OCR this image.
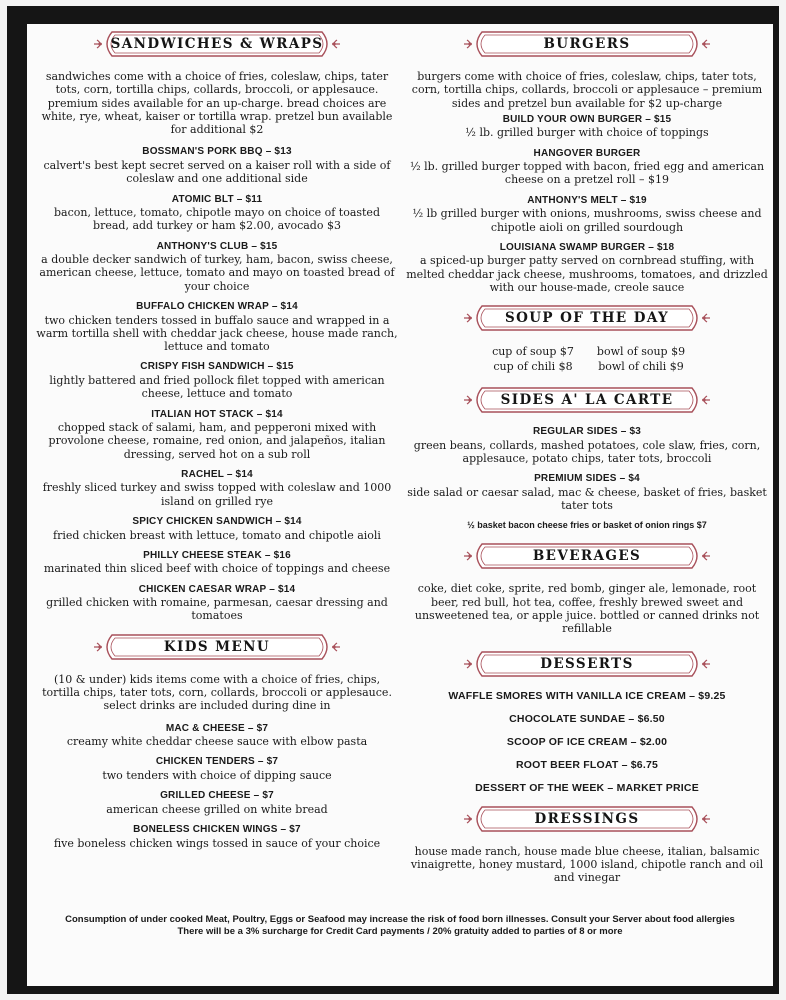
SANDWICHES & WRAPS
sandwiches come with a choice of fries, coleslaw, chips, tater tots, corn, tortilla chips, collards, broccoli, or applesauce. premium sides available for an up-charge. bread choices are white, rye, wheat, kaiser or tortilla wrap. pretzel bun available for additional $2
BOSSMAN'S PORK BBQ – $13
calvert's best kept secret served on a kaiser roll with a side of coleslaw and one additional side
ATOMIC BLT – $11
bacon, lettuce, tomato, chipotle mayo on choice of toasted bread, add turkey or ham $2.00, avocado $3
ANTHONY'S CLUB – $15
a double decker sandwich of turkey, ham, bacon, swiss cheese, american cheese, lettuce, tomato and mayo on toasted bread of your choice
BUFFALO CHICKEN WRAP – $14
two chicken tenders tossed in buffalo sauce and wrapped in a warm tortilla shell with cheddar jack cheese, house made ranch, lettuce and tomato
CRISPY FISH SANDWICH – $15
lightly battered and fried pollock filet topped with american cheese, lettuce and tomato
ITALIAN HOT STACK – $14
chopped stack of salami, ham, and pepperoni mixed with provolone cheese, romaine, red onion, and jalapeños, italian dressing, served hot on a sub roll
RACHEL – $14
freshly sliced turkey and swiss topped with coleslaw and 1000 island on grilled rye
SPICY CHICKEN SANDWICH – $14
fried chicken breast with lettuce, tomato and chipotle aioli
PHILLY CHEESE STEAK – $16
marinated thin sliced beef with choice of toppings and cheese
CHICKEN CAESAR WRAP – $14
grilled chicken with romaine, parmesan, caesar dressing and tomatoes
KIDS MENU
(10 & under) kids items come with a choice of fries, chips, tortilla chips, tater tots, corn, collards, broccoli or applesauce. select drinks are included during dine in
MAC & CHEESE – $7
creamy white cheddar cheese sauce with elbow pasta
CHICKEN TENDERS – $7
two tenders with choice of dipping sauce
GRILLED CHEESE – $7
american cheese grilled on white bread
BONELESS CHICKEN WINGS – $7
five boneless chicken wings tossed in sauce of your choice
BURGERS
burgers come with choice of fries, coleslaw, chips, tater tots, corn, tortilla chips, collards, broccoli or applesauce – premium sides and pretzel bun available for $2 up-charge
BUILD YOUR OWN BURGER – $15
½ lb. grilled burger with choice of toppings
HANGOVER BURGER
½ lb. grilled burger topped with bacon, fried egg and american cheese on a pretzel roll – $19
ANTHONY'S MELT – $19
½ lb grilled burger with onions, mushrooms, swiss cheese and chipotle aioli on grilled sourdough
LOUISIANA SWAMP BURGER – $18
a spiced-up burger patty served on cornbread stuffing, with melted cheddar jack cheese, mushrooms, tomatoes, and drizzled with our house-made, creole sauce
SOUP OF THE DAY
cup of soup $7 bowl of soup $9
cup of chili $8 bowl of chili $9
SIDES A' LA CARTE
REGULAR SIDES – $3
green beans, collards, mashed potatoes, cole slaw, fries, corn, applesauce, potato chips, tater tots, broccoli
PREMIUM SIDES – $4
side salad or caesar salad, mac & cheese, basket of fries, basket tater tots
½ basket bacon cheese fries or basket of onion rings $7
BEVERAGES
coke, diet coke, sprite, red bomb, ginger ale, lemonade, root beer, red bull, hot tea, coffee, freshly brewed sweet and unsweetened tea, or apple juice. bottled or canned drinks not refillable
DESSERTS
WAFFLE SMORES WITH VANILLA ICE CREAM – $9.25
CHOCOLATE SUNDAE – $6.50
SCOOP OF ICE CREAM – $2.00
ROOT BEER FLOAT – $6.75
DESSERT OF THE WEEK – MARKET PRICE
DRESSINGS
house made ranch, house made blue cheese, italian, balsamic vinaigrette, honey mustard, 1000 island, chipotle ranch and oil and vinegar
Consumption of under cooked Meat, Poultry, Eggs or Seafood may increase the risk of food born illnesses. Consult your Server about food allergies
There will be a 3% surcharge for Credit Card payments / 20% gratuity added to parties of 8 or more
